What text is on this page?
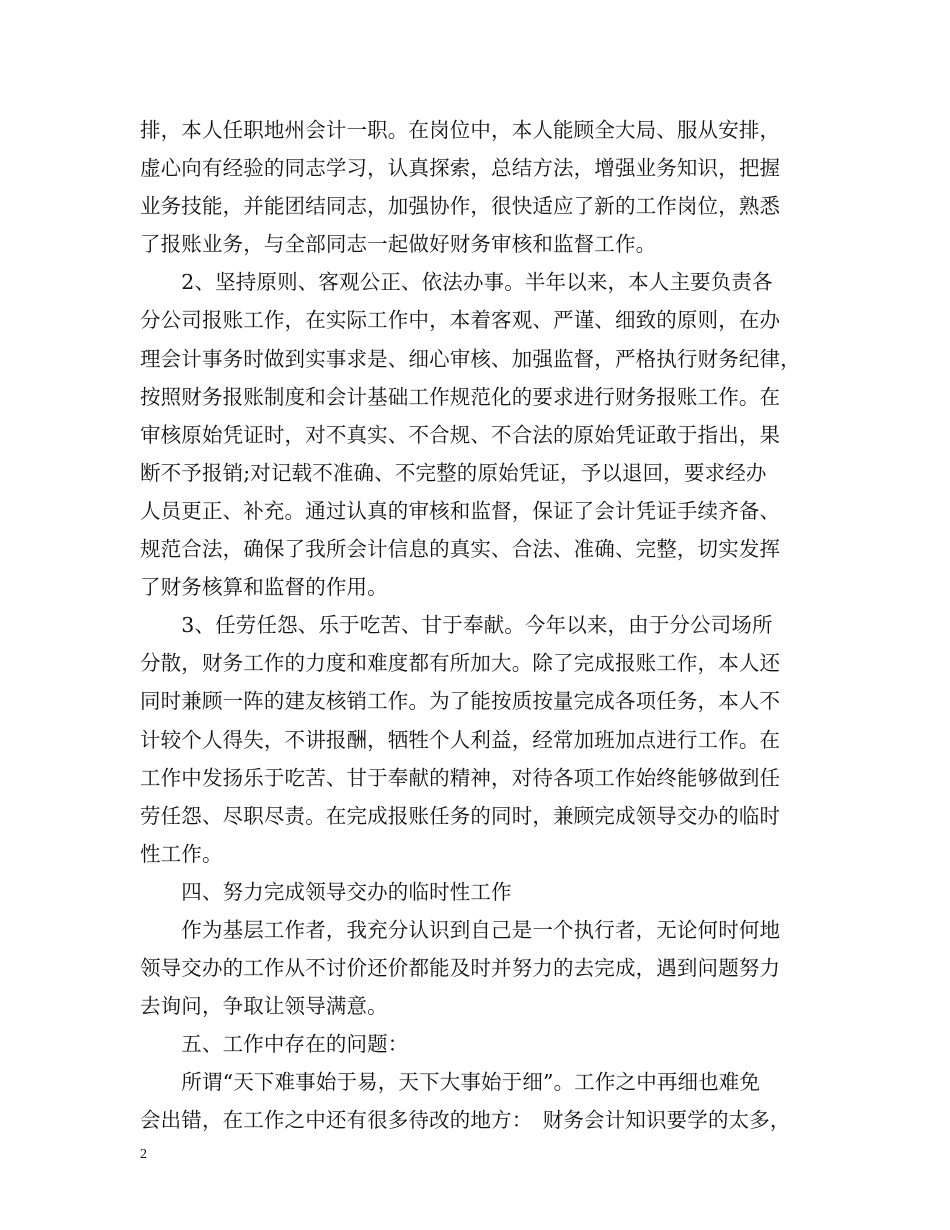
排，本人任职地州会计一职。在岗位中，本人能顾全大局、服从安排，
虚心向有经验的同志学习，认真探索，总结方法，增强业务知识，把握
业务技能，并能团结同志，加强协作，很快适应了新的工作岗位，熟悉
了报账业务，与全部同志一起做好财务审核和监督工作。
　　2、坚持原则、客观公正、依法办事。半年以来，本人主要负责各
分公司报账工作，在实际工作中，本着客观、严谨、细致的原则，在办
理会计事务时做到实事求是、细心审核、加强监督，严格执行财务纪律，
按照财务报账制度和会计基础工作规范化的要求进行财务报账工作。在
审核原始凭证时，对不真实、不合规、不合法的原始凭证敢于指出，果
断不予报销;对记载不准确、不完整的原始凭证，予以退回，要求经办
人员更正、补充。通过认真的审核和监督，保证了会计凭证手续齐备、
规范合法，确保了我所会计信息的真实、合法、准确、完整，切实发挥
了财务核算和监督的作用。
　　3、任劳任怨、乐于吃苦、甘于奉献。今年以来，由于分公司场所
分散，财务工作的力度和难度都有所加大。除了完成报账工作，本人还
同时兼顾一阵的建友核销工作。为了能按质按量完成各项任务，本人不
计较个人得失，不讲报酬，牺牲个人利益，经常加班加点进行工作。在
工作中发扬乐于吃苦、甘于奉献的精神，对待各项工作始终能够做到任
劳任怨、尽职尽责。在完成报账任务的同时，兼顾完成领导交办的临时
性工作。
　　四、努力完成领导交办的临时性工作
　　作为基层工作者，我充分认识到自己是一个执行者，无论何时何地
领导交办的工作从不讨价还价都能及时并努力的去完成，遇到问题努力
去询问，争取让领导满意。
　　五、工作中存在的问题：
　　所谓“天下难事始于易，天下大事始于细”。工作之中再细也难免
会出错，在工作之中还有很多待改的地方：　财务会计知识要学的太多，
2
